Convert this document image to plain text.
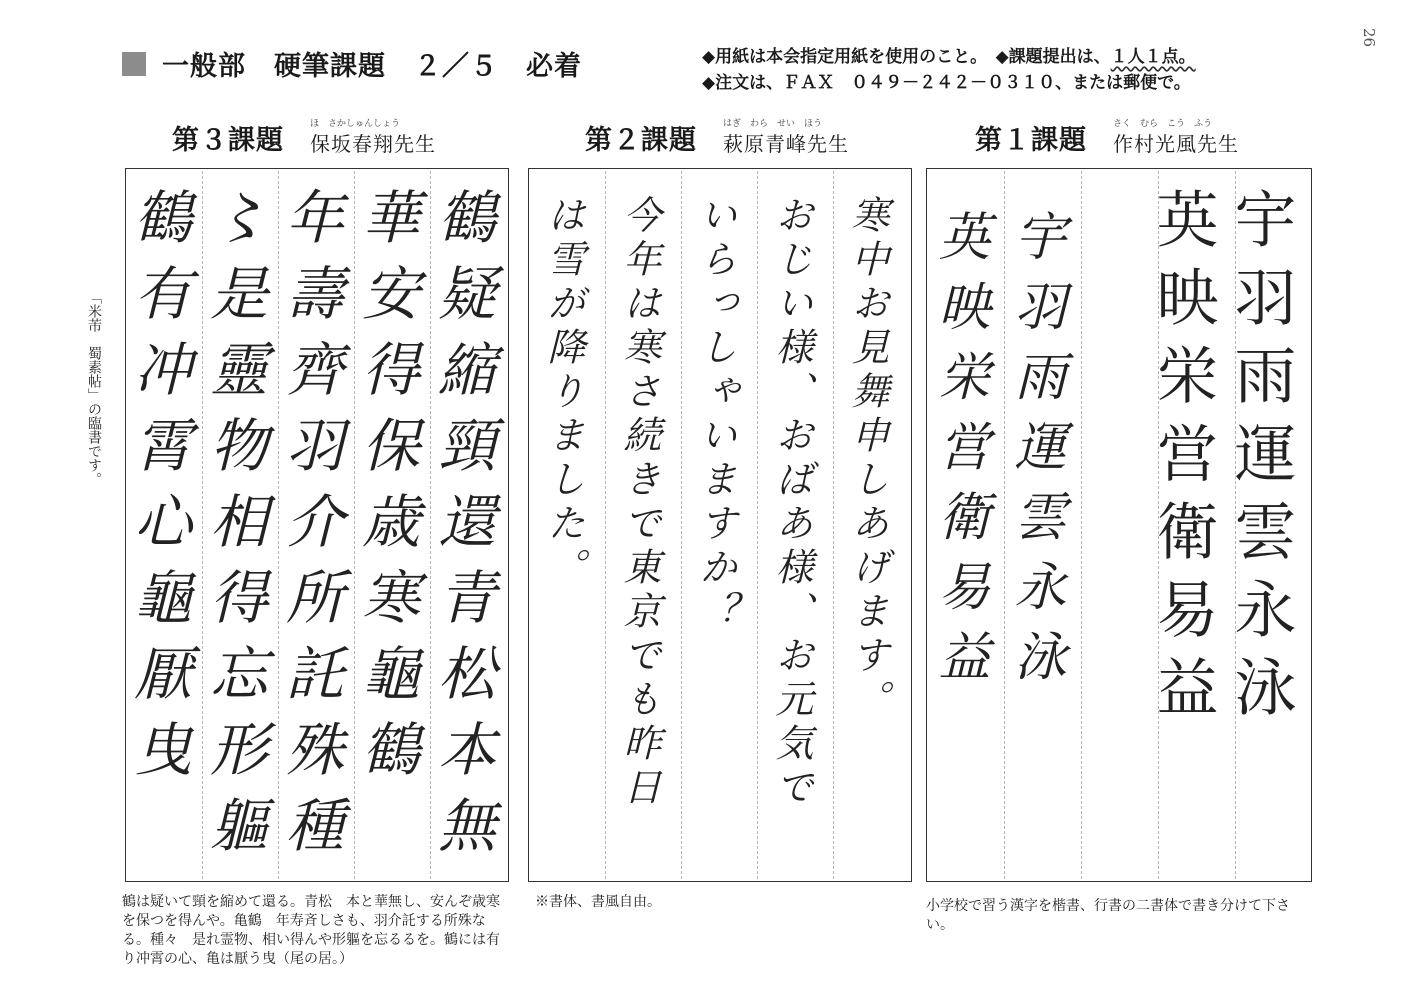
26
一般部　硬筆課題　２／５　必着	◆用紙は本会指定用紙を使用のこと。　◆課題提出は、１人１点。
◆注文は、ＦＡＸ　０４９－２４２－０３１０、または郵便で。
第３課題
ほ　さかしゅんしょう
保坂春翔先生	第２課題
はぎ　わら　せい　ほう
萩原青峰先生	第１課題
さく　むら　こう　ふう
作村光風先生
「米芾　蜀素帖」の臨書です。	鶴疑縮頸還青松本無
華安得保歳寒龜鶴
年壽齊羽介所託殊種
〻是靈物相得忘形軀
鶴有冲霄心龜厭曳	寒中お見舞申しあげます。
おじい様、おばあ様、お元気で
いらっしゃいますか？
今年は寒さ続きで東京でも昨日
は雪が降りました。	宇羽雨運雲永泳
英映栄営衛易益
宇羽雨運雲永泳
英映栄営衛易益
鶴は疑いて頸を縮めて還る。青松　本と華無し、安んぞ歳寒を保つを得んや。亀鶴　年寿斉しさも、羽介託する所殊なる。種々　是れ霊物、相い得んや形軀を忘るるを。鶴には有り冲霄の心、亀は厭う曳（尾の居。）
※書体、書風自由。	小学校で習う漢字を楷書、行書の二書体で書き分けて下さい。
